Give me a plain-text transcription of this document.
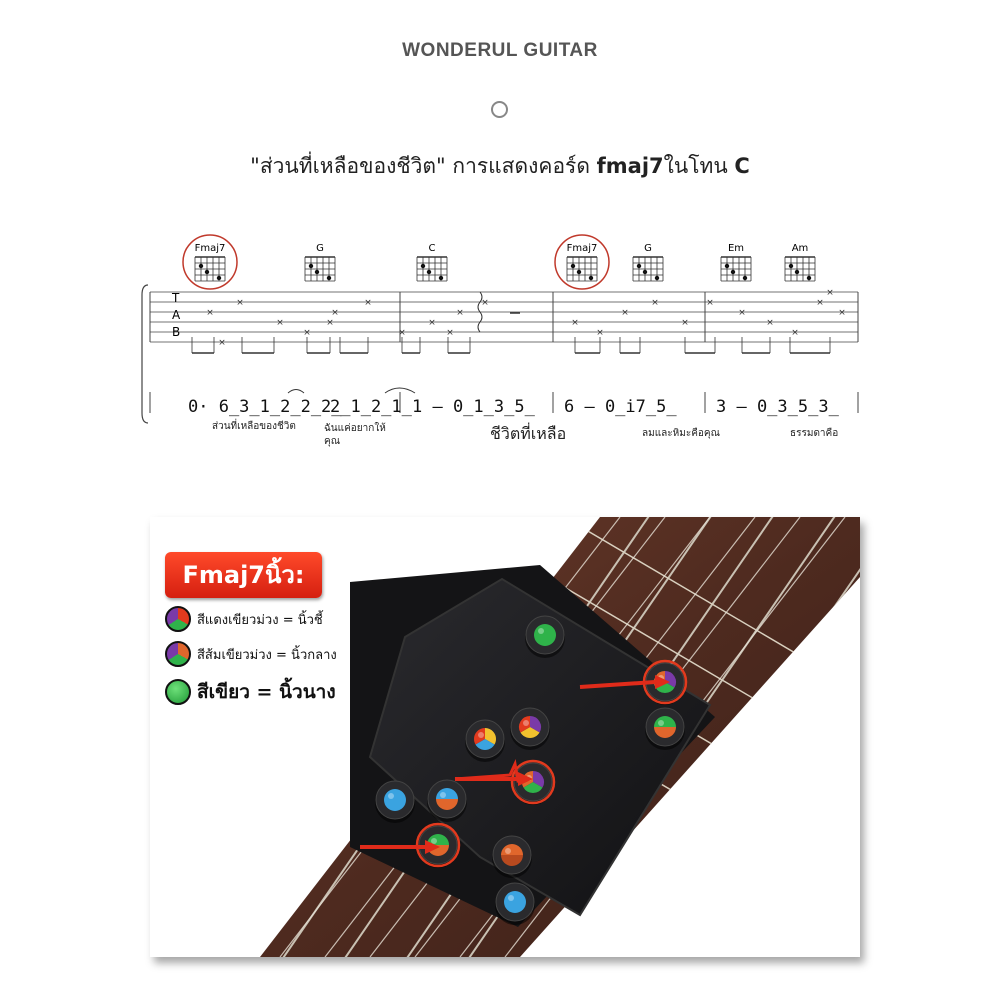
WONDERUL GUITAR
"ส่วนที่เหลือของชีวิต" การแสดงคอร์ด fmaj7ในโทน C
Fmaj7	G	C	Fmaj7	G	Em	Am
×
×
×
×
×
×
×
×
×
×
×
×
×
×
×
×
×
×
×
×
×
×
×
×
×
T
A
B
0· 6̲3̲1̲2̲2̲2̲
2̲1̲2̲1̲ 1 – 0̲1̲3̲5̲ 6 – 0̲i̇7̲5̲ 3 – 0̲3̲5̲3̲
ส่วนที่เหลือของชีวิต	ฉันแค่อยากให้
คุณ	ชีวิตที่เหลือ	ลมและหิมะคือคุณ	ธรรมดาคือ
Fmaj7นิ้ว:
สีแดงเขียวม่วง = นิ้วชี้
สีส้มเขียวม่วง = นิ้วกลาง
สีเขียว = นิ้วนาง
